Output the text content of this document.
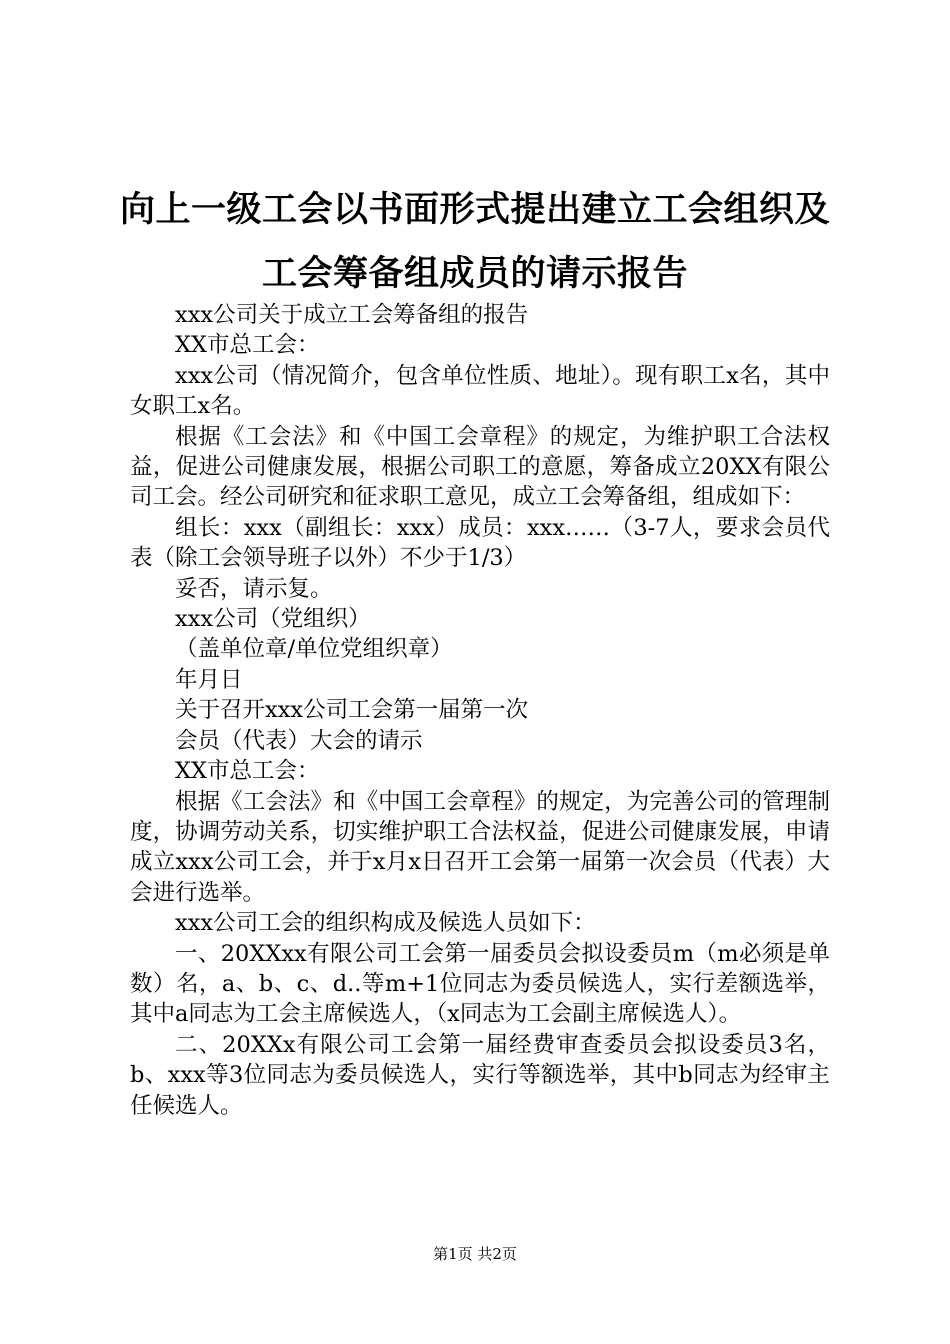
向上一级工会以书面形式提出建立工会组织及
工会筹备组成员的请示报告

xxx公司关于成立工会筹备组的报告

XX市总工会：

xxx公司（情况简介，包含单位性质、地址）。现有职工x名，其中女职工x名。

根据《工会法》和《中国工会章程》的规定，为维护职工合法权益，促进公司健康发展，根据公司职工的意愿，筹备成立20XX有限公司工会。经公司研究和征求职工意见，成立工会筹备组，组成如下：

组长：xxx（副组长：xxx）成员：xxx……（3-7人，要求会员代表（除工会领导班子以外）不少于1/3）

妥否，请示复。

xxx公司（党组织）

（盖单位章/单位党组织章）

年月日

关于召开xxx公司工会第一届第一次

会员（代表）大会的请示

XX市总工会：

根据《工会法》和《中国工会章程》的规定，为完善公司的管理制度，协调劳动关系，切实维护职工合法权益，促进公司健康发展，申请成立xxx公司工会，并于x月x日召开工会第一届第一次会员（代表）大会进行选举。

xxx公司工会的组织构成及候选人员如下：

一、20XXxx有限公司工会第一届委员会拟设委员m（m必须是单数）名，a、b、c、d..等m+1位同志为委员候选人，实行差额选举，其中a同志为工会主席候选人，（x同志为工会副主席候选人）。

二、20XXx有限公司工会第一届经费审查委员会拟设委员3名，b、xxx等3位同志为委员候选人，实行等额选举，其中b同志为经审主任候选人。

第1页 共2页
